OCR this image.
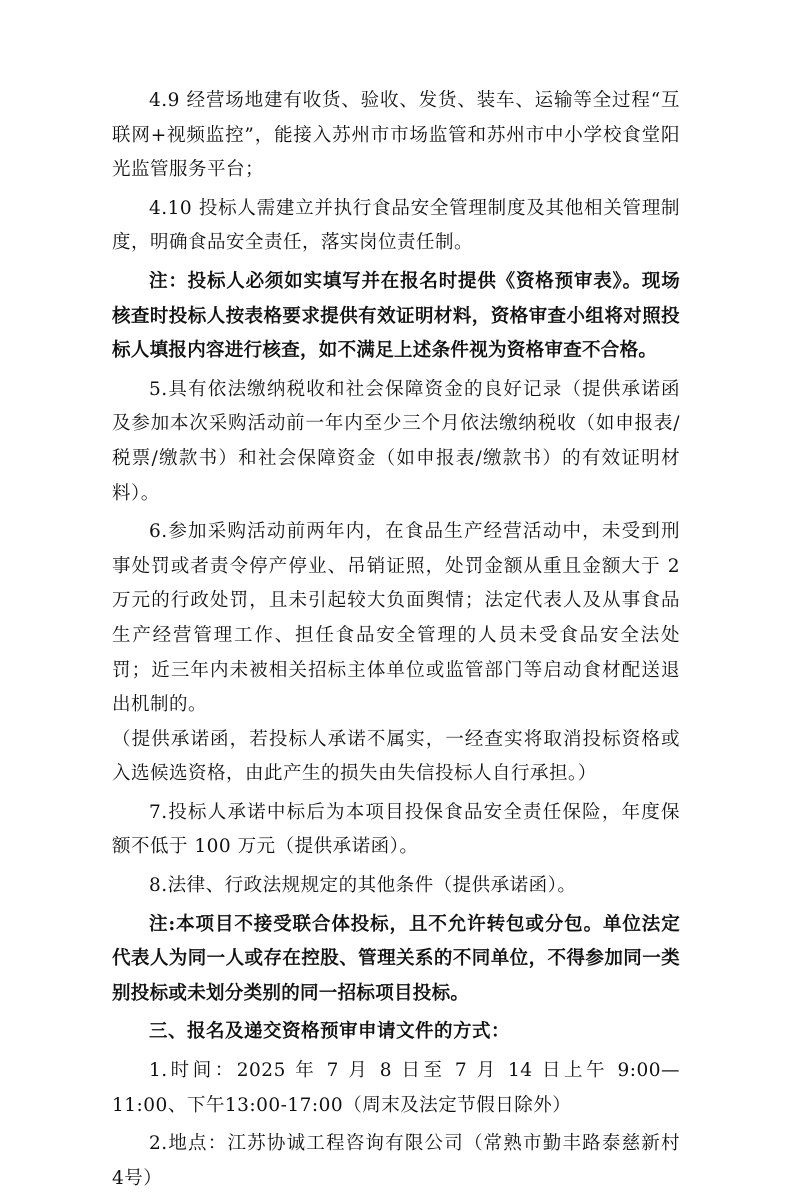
4.9 经营场地建有收货、验收、发货、装车、运输等全过程“互联网+视频监控”，能接入苏州市市场监管和苏州市中小学校食堂阳光监管服务平台；

4.10 投标人需建立并执行食品安全管理制度及其他相关管理制度，明确食品安全责任，落实岗位责任制。

注：投标人必须如实填写并在报名时提供《资格预审表》。现场核查时投标人按表格要求提供有效证明材料，资格审查小组将对照投标人填报内容进行核查，如不满足上述条件视为资格审查不合格。

5.具有依法缴纳税收和社会保障资金的良好记录（提供承诺函及参加本次采购活动前一年内至少三个月依法缴纳税收（如申报表/税票/缴款书）和社会保障资金（如申报表/缴款书）的有效证明材料）。

6.参加采购活动前两年内，在食品生产经营活动中，未受到刑事处罚或者责令停产停业、吊销证照，处罚金额从重且金额大于 2 万元的行政处罚，且未引起较大负面舆情；法定代表人及从事食品生产经营管理工作、担任食品安全管理的人员未受食品安全法处罚；近三年内未被相关招标主体单位或监管部门等启动食材配送退出机制的。

（提供承诺函，若投标人承诺不属实，一经查实将取消投标资格或入选候选资格，由此产生的损失由失信投标人自行承担。）

7.投标人承诺中标后为本项目投保食品安全责任保险，年度保额不低于 100 万元（提供承诺函）。

8.法律、行政法规规定的其他条件（提供承诺函）。

注:本项目不接受联合体投标，且不允许转包或分包。单位法定代表人为同一人或存在控股、管理关系的不同单位，不得参加同一类别投标或未划分类别的同一招标项目投标。

三、报名及递交资格预审申请文件的方式：

1.时间：2025 年 7 月 8 日至 7 月 14 日上午 9:00—11:00、下午13:00-17:00（周末及法定节假日除外）

2.地点：江苏协诚工程咨询有限公司（常熟市勤丰路泰慈新村 4号）
